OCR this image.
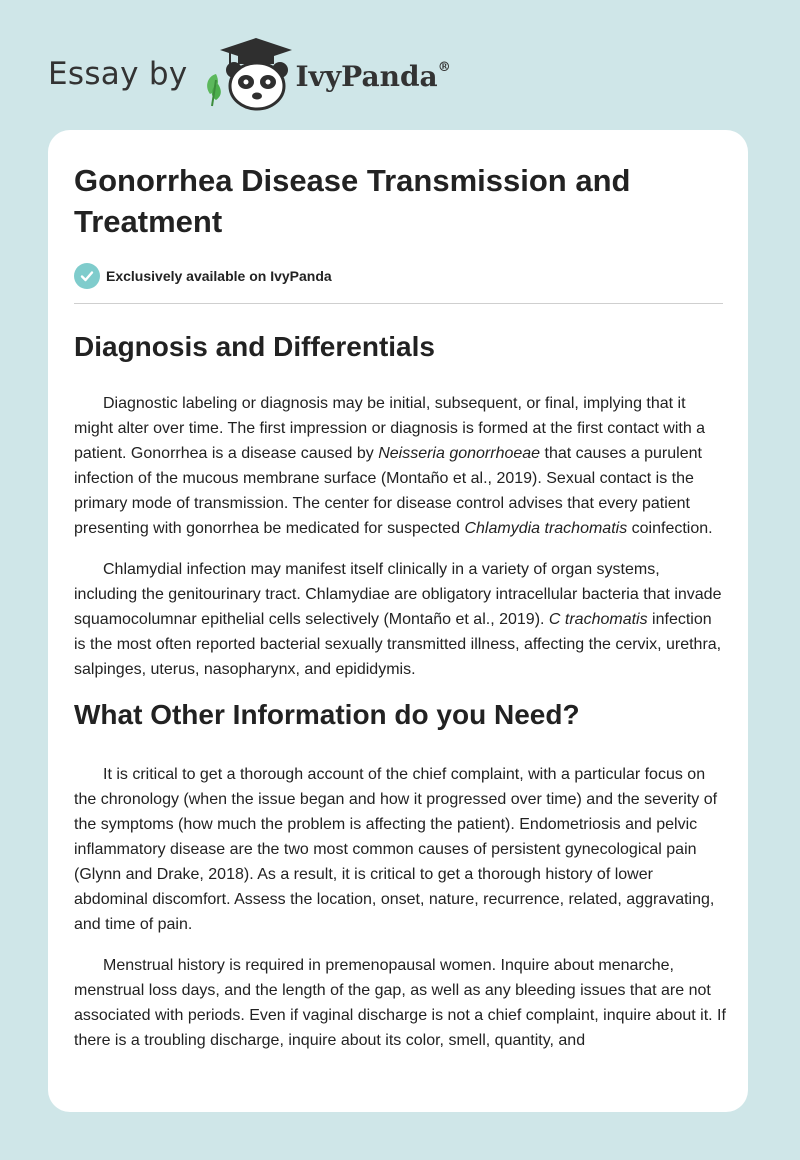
Essay by	IvyPanda®
Gonorrhea Disease Transmission and Treatment
Exclusively available on IvyPanda
Diagnosis and Differentials

Diagnostic labeling or diagnosis may be initial, subsequent, or final, implying that it might alter over time. The first impression or diagnosis is formed at the first contact with a patient. Gonorrhea is a disease caused by Neisseria gonorrhoeae that causes a purulent infection of the mucous membrane surface (Montaño et al., 2019). Sexual contact is the primary mode of transmission. The center for disease control advises that every patient presenting with gonorrhea be medicated for suspected Chlamydia trachomatis coinfection.

Chlamydial infection may manifest itself clinically in a variety of organ systems, including the genitourinary tract. Chlamydiae are obligatory intracellular bacteria that invade squamocolumnar epithelial cells selectively (Montaño et al., 2019). C trachomatis infection is the most often reported bacterial sexually transmitted illness, affecting the cervix, urethra, salpinges, uterus, nasopharynx, and epididymis.

What Other Information do you Need?

It is critical to get a thorough account of the chief complaint, with a particular focus on the chronology (when the issue began and how it progressed over time) and the severity of the symptoms (how much the problem is affecting the patient). Endometriosis and pelvic inflammatory disease are the two most common causes of persistent gynecological pain (Glynn and Drake, 2018). As a result, it is critical to get a thorough history of lower abdominal discomfort. Assess the location, onset, nature, recurrence, related, aggravating, and time of pain.

Menstrual history is required in premenopausal women. Inquire about menarche, menstrual loss days, and the length of the gap, as well as any bleeding issues that are not associated with periods. Even if vaginal discharge is not a chief complaint, inquire about it. If there is a troubling discharge, inquire about its color, smell, quantity, and
